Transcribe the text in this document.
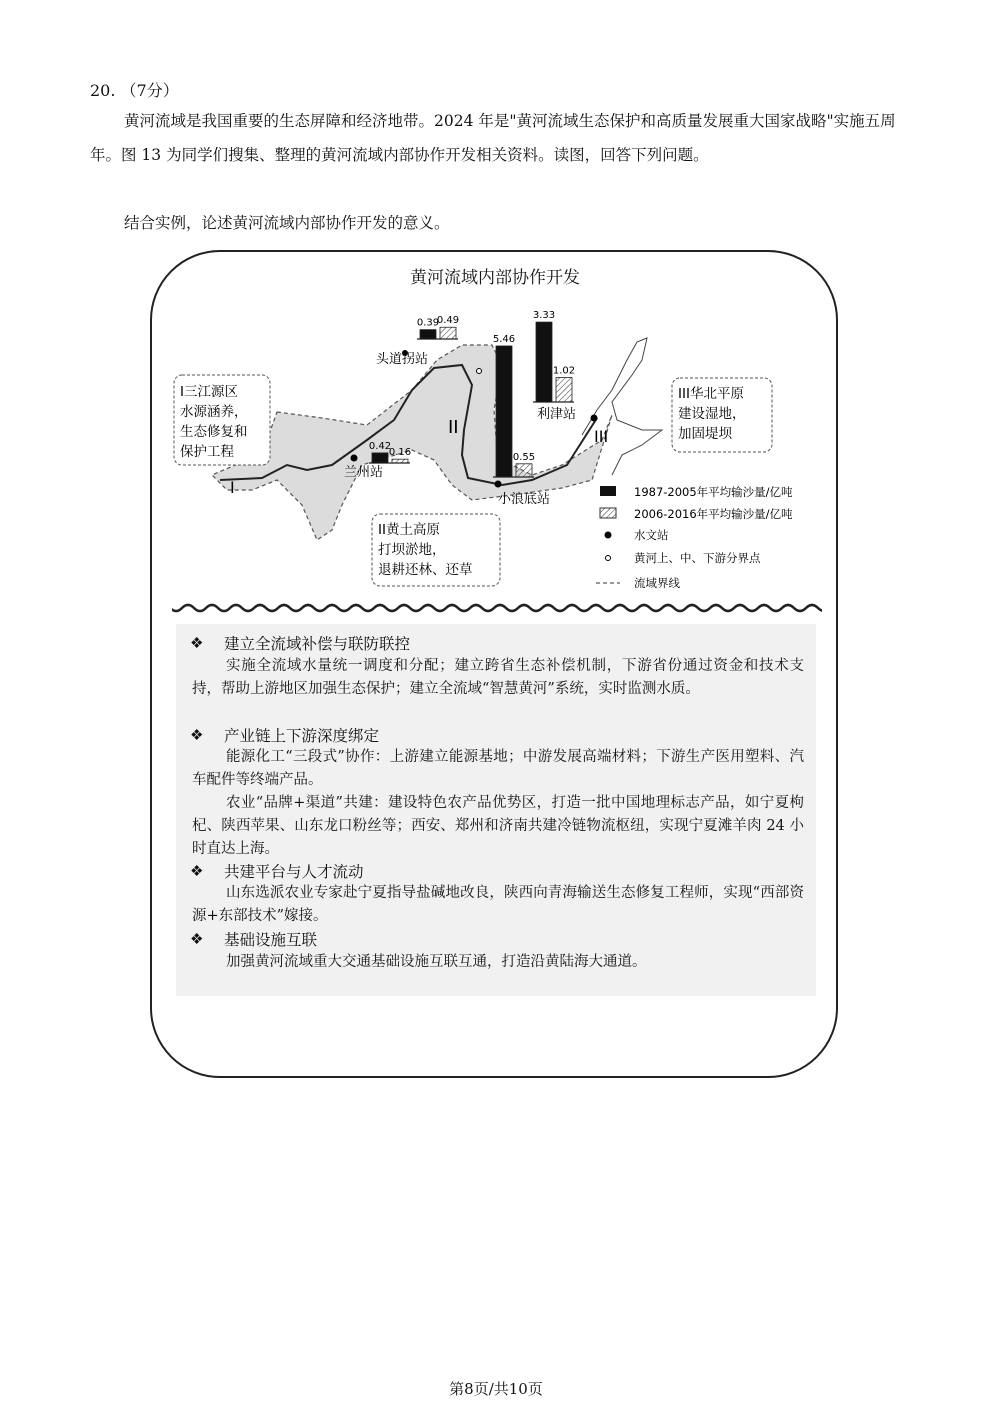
20. （7分）
黄河流域是我国重要的生态屏障和经济地带。2024 年是"黄河流域生态保护和高质量发展重大国家战略"实施五周年。图 13 为同学们搜集、整理的黄河流域内部协作开发相关资料。读图，回答下列问题。
结合实例，论述黄河流域内部协作开发的意义。
黄河流域内部协作开发
I
II	III
头道拐站
兰州站
小浪底站
利津站
0.39
0.49
0.42
0.16
5.46
0.55
3.33
1.02
I三江源区
水源涵养，
生态修复和
保护工程
II黄土高原
打坝淤地，
退耕还林、还草
III华北平原
建设湿地，
加固堤坝
1987-2005年平均输沙量/亿吨
2006-2016年平均输沙量/亿吨
水文站
黄河上、中、下游分界点
流域界线
❖ 建立全流域补偿与联防联控
实施全流域水量统一调度和分配；建立跨省生态补偿机制，下游省份通过资金和技术支持，帮助上游地区加强生态保护；建立全流域“智慧黄河”系统，实时监测水质。
❖ 产业链上下游深度绑定
能源化工“三段式”协作：上游建立能源基地；中游发展高端材料；下游生产医用塑料、汽车配件等终端产品。
农业“品牌+渠道”共建：建设特色农产品优势区，打造一批中国地理标志产品，如宁夏枸杞、陕西苹果、山东龙口粉丝等；西安、郑州和济南共建冷链物流枢纽，实现宁夏滩羊肉 24 小时直达上海。
❖ 共建平台与人才流动
山东选派农业专家赴宁夏指导盐碱地改良，陕西向青海输送生态修复工程师，实现“西部资源+东部技术”嫁接。
❖ 基础设施互联
加强黄河流域重大交通基础设施互联互通，打造沿黄陆海大通道。
第8页/共10页
